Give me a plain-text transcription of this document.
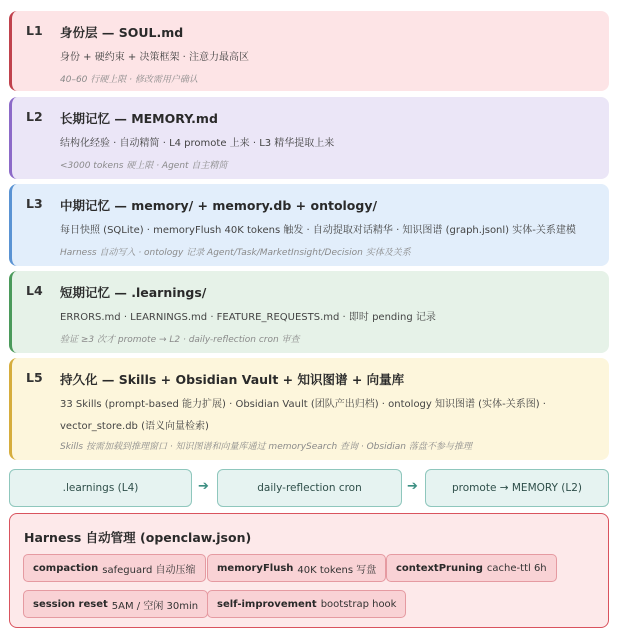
L1 身份层 — SOUL.md
身份 + 硬约束 + 决策框架 · 注意力最高区
40–60 行硬上限 · 修改需用户确认
L2 长期记忆 — MEMORY.md
结构化经验 · 自动精简 · L4 promote 上来 · L3 精华提取上来
<3000 tokens 硬上限 · Agent 自主精简
L3 中期记忆 — memory/ + memory.db + ontology/
每日快照 (SQLite) · memoryFlush 40K tokens 触发 · 自动提取对话精华 · 知识图谱 (graph.jsonl) 实体-关系建模
Harness 自动写入 · ontology 记录 Agent/Task/MarketInsight/Decision 实体及关系
L4 短期记忆 — .learnings/
ERRORS.md · LEARNINGS.md · FEATURE_REQUESTS.md · 即时 pending 记录
验证 ≥3 次才 promote → L2 · daily-reflection cron 审查
L5 持久化 — Skills + Obsidian Vault + 知识图谱 + 向量库
33 Skills (prompt-based 能力扩展) · Obsidian Vault (团队产出归档) · ontology 知识图谱 (实体-关系图) · vector_store.db (语义向量检索)
Skills 按需加载到推理窗口 · 知识图谱和向量库通过 memorySearch 查询 · Obsidian 落盘不参与推理
.learnings (L4)	➔	daily-reflection cron	➔	promote → MEMORY (L2)
Harness 自动管理 (openclaw.json)
compaction safeguard 自动压缩 memoryFlush 40K tokens 写盘 contextPruning cache-ttl 6h
session reset 5AM / 空闲 30min self-improvement bootstrap hook
